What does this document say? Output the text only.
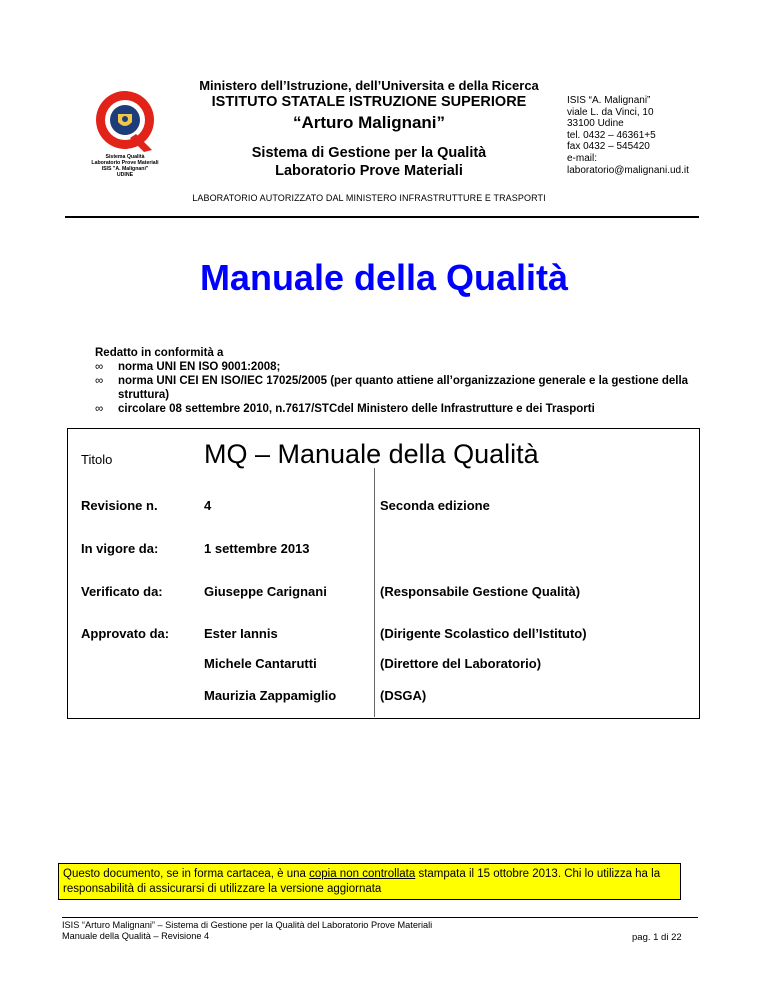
Sistema Qualità
Laboratorio Prove Materiali
ISIS "A. Malignani"
UDINE
Ministero dell’Istruzione, dell’Universita e della Ricerca
ISTITUTO STATALE ISTRUZIONE SUPERIORE
“Arturo Malignani”
Sistema di Gestione per la Qualità
Laboratorio Prove Materiali
LABORATORIO AUTORIZZATO DAL MINISTERO INFRASTRUTTURE E TRASPORTI
ISIS “A. Malignani”
viale L. da Vinci, 10
33100 Udine
tel. 0432 – 46361+5
fax 0432 – 545420
e-mail:
laboratorio@malignani.ud.it
Manuale della Qualità
Redatto in conformità a
∞ norma UNI EN ISO 9001:2008;
∞ norma UNI CEI EN ISO/IEC 17025/2005 (per quanto attiene all’organizzazione generale e la gestione della struttura)
∞ circolare 08 settembre 2010, n.7617/STCdel Ministero delle Infrastrutture e dei Trasporti
Titolo	MQ – Manuale della Qualità
Revisione n.	4	Seconda edizione
In vigore da:	1 settembre 2013
Verificato da:	Giuseppe Carignani	(Responsabile Gestione Qualità)
Approvato da:	Ester Iannis	(Dirigente Scolastico dell’Istituto)
Michele Cantarutti	(Direttore del Laboratorio)
Maurizia Zappamiglio	(DSGA)
Questo documento, se in forma cartacea, è una copia non controllata stampata il 15 ottobre 2013. Chi lo utilizza ha la responsabilità di assicurarsi di utilizzare la versione aggiornata
ISIS “Arturo Malignani” – Sistema di Gestione per la Qualità del Laboratorio Prove Materiali
Manuale della Qualità – Revisione 4	pag. 1 di 22
